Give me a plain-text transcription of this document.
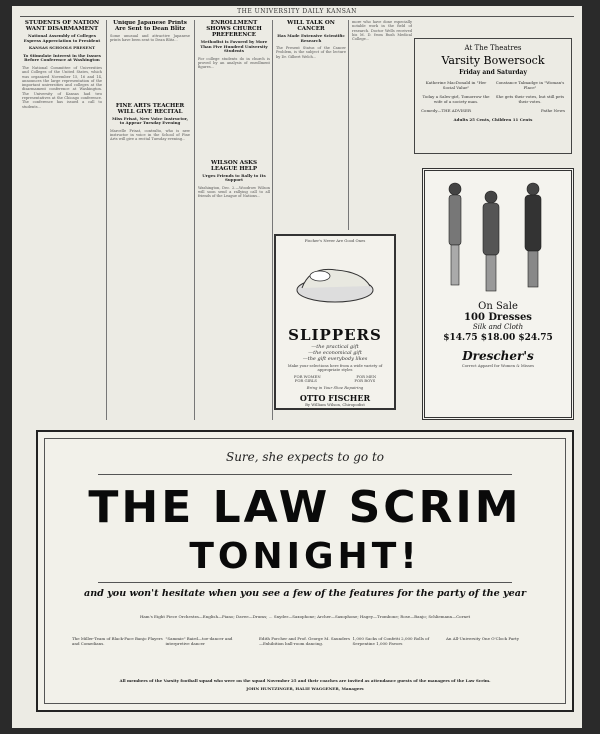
THE UNIVERSITY DAILY KANSAN
STUDENTS OF NATION WANT DISARMAMENT
National Assembly of Colleges Express Appreciation to President
KANSAS SCHOOLS PRESENT
To Stimulate Interest in the Issues Before Conference at Washington

The National Committee of Universities and Colleges of the United States, which was organized November 15, 16 and 14, announces the large representation of the important universities and colleges at the disarmament conference at Washington. The University of Kansas had two representatives at the Chicago conference. The conference has issued a call to students...

Unique Japanese Prints Are Sent to Dean Blitz

Some unusual and attractive Japanese prints have been sent to Dean Blitz...

FINE ARTS TEACHER WILL GIVE RECITAL
Miss Frisat, New Voice Instructor, to Appear Tuesday Evening

Marcelle Frisat, contralto, who is new instructor in voice in the School of Fine Arts will give a recital Tuesday evening...

ENROLLMENT SHOWS CHURCH PREFERENCE
Methodist is Favored by More Than Five Hundred University Students

For college students do in church is proved by an analysis of enrollment figures...

WILSON ASKS LEAGUE HELP
Urges Friends to Rally to Its Support

Washington, Dec. 2.—Woodrow Wilson will soon send a rallying call to all friends of the League of Nations...

WILL TALK ON CANCER
Has Made Extensive Scientific Research

The Present Status of the Cancer Problem, is the subject of the lecture by Dr. Gilbert Welch...

more who have done especially notable work in the field of research. Doctor Wells received his M. D. from Rush Medical College...

At The Theatres
Varsity Bowersock
Friday and Saturday
Katherine MacDonald in "Her Social Value"
Constance Talmadge in "Woman's Place"
Today a Sales-girl, Tomorrow the wife of a society man.
She gets their votes, but still pets their votes.
Comedy—THE ADVISER	Pathe News
Adults 25 Cents, Children 11 Cents
Fischer's Never Are Good Ones
SLIPPERS
—the practical gift
—the economical gift
—the gift everybody likes
Make your selections here from a wide variety of appropriate styles
FOR WOMEN	FOR MEN
FOR GIRLS	FOR BOYS
Bring in Your Shoe Repairing
OTTO FISCHER
By William Wilson, Chiropodist
On Sale
100 Dresses
Silk and Cloth
$14.75 $18.00 $24.75
Drescher's
Correct Apparel for Women & Misses
Sure, she expects to go to
THE LAW SCRIM
TONIGHT!
and you won't hesitate when you see a few of the features for the party of the year
Ham's Eight Piece Orchestra—English—Piano; Davee—Drums; ... Snyder—Saxophone; Archer—Saxophone; Hagey—Trombone; Rose—Banjo; Schliemann—Cornet
The Miller-Team of Black-Face Banjo Players and Comedians.
"Sammie" Baird—toe-dancer and interpretive dancer
Edith Forcher and Prof. George M. Saunders—Exhibition ball-room dancing.
1,000 Sacks of Confetti 2,000 Rolls of Serpentine 1,000 Favors
An All-University One O'Clock Party
All members of the Varsity football squad who were on the squad November 25 and their coaches are invited as attendance guests of the managers of the Law Scrim.
JOHN HUNTZINGER, HALIE WAGGENER, Managers
